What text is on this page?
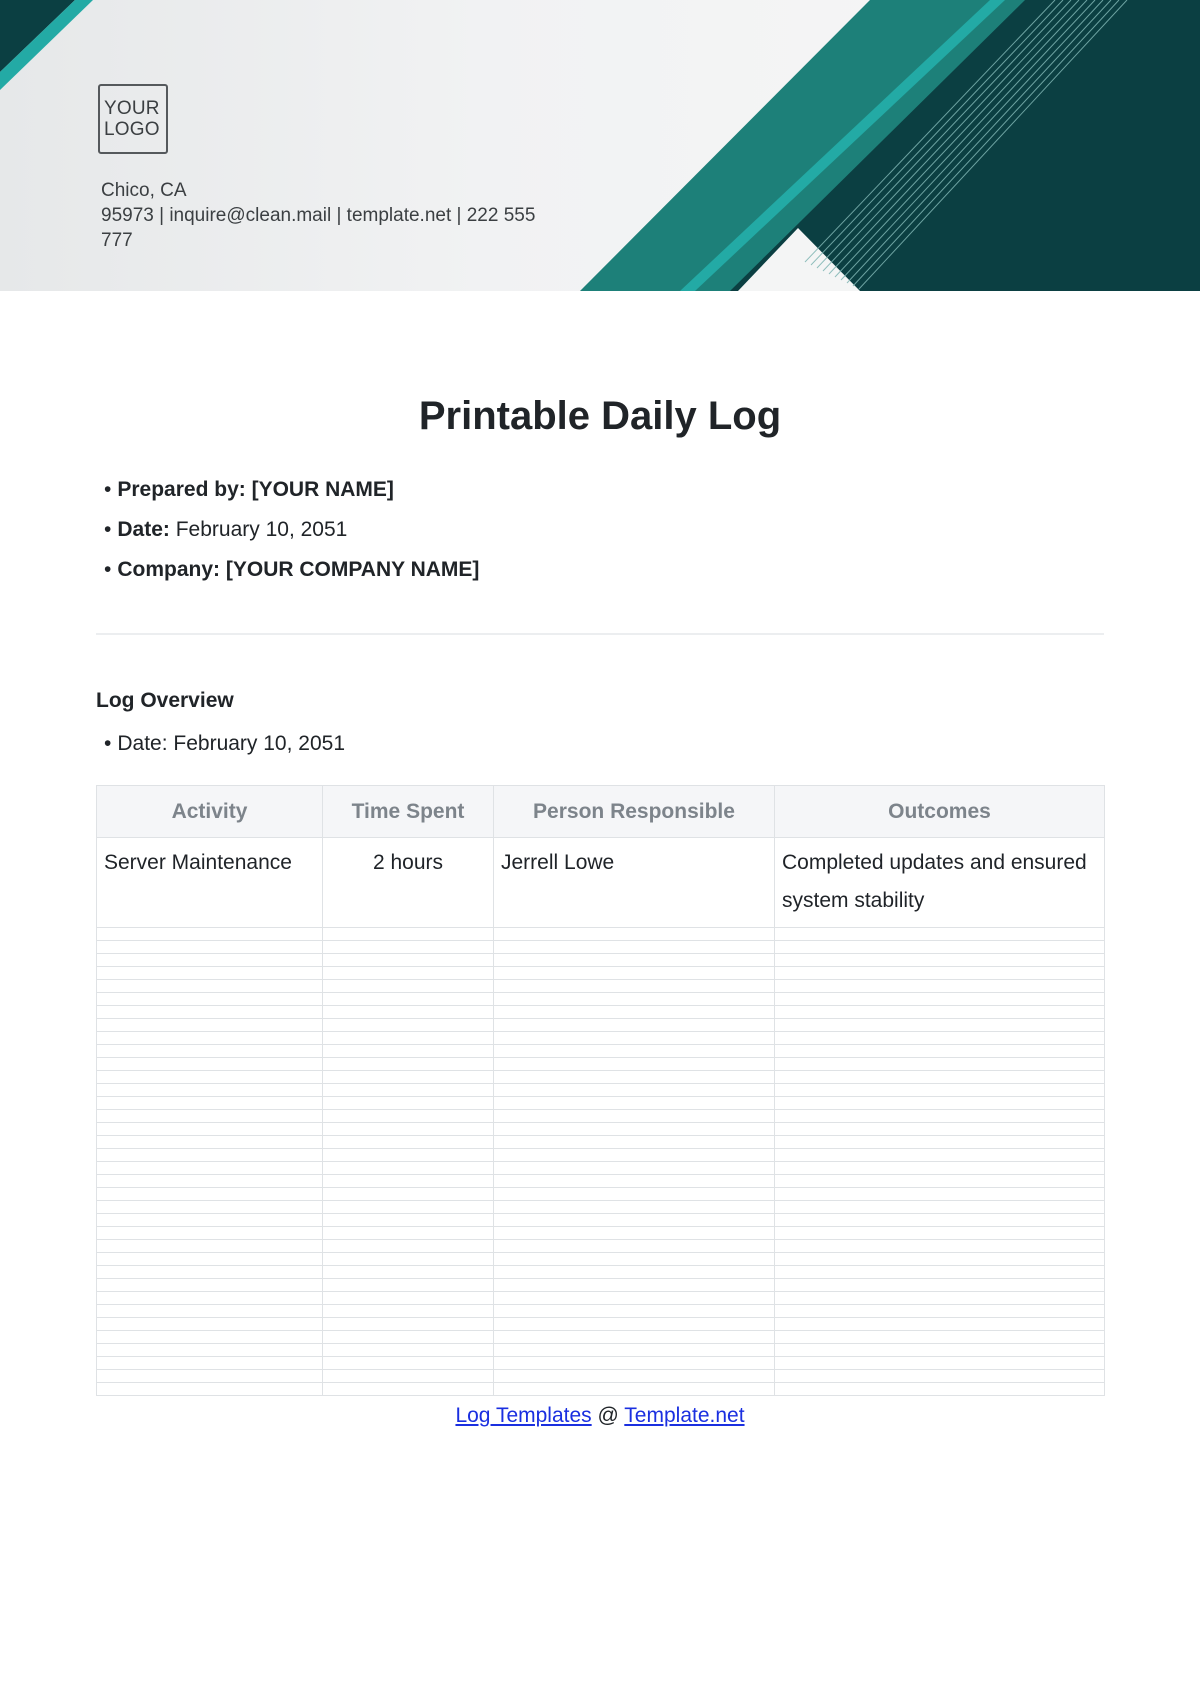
YOUR
LOGO
Chico, CA
95973 | inquire@clean.mail | template.net | 222 555
777
Printable Daily Log
• Prepared by: [YOUR NAME]
• Date: February 10, 2051
• Company: [YOUR COMPANY NAME]
Log Overview
• Date: February 10, 2051
Activity	Time Spent	Person Responsible	Outcomes
Server Maintenance	2 hours	Jerrell Lowe	Completed updates and ensured system stability

Log Templates @ Template.net
